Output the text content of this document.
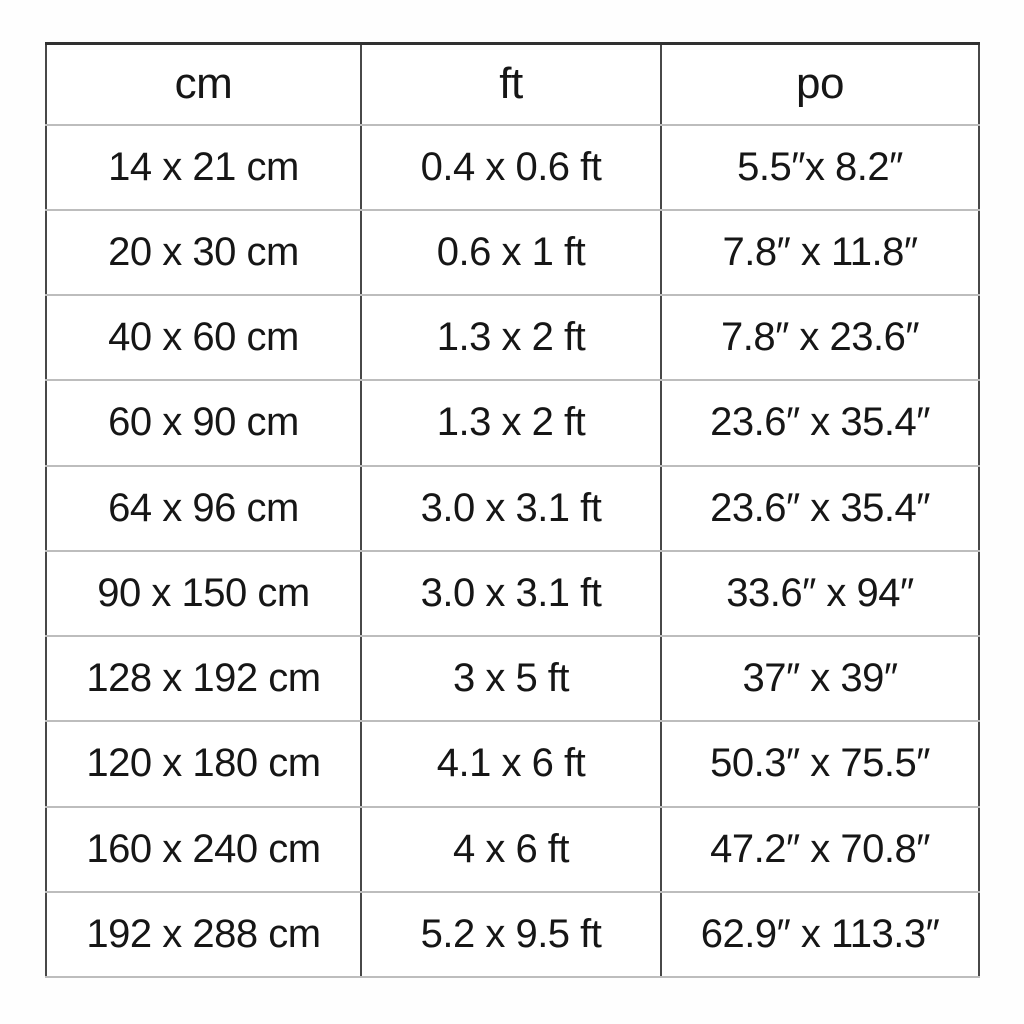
cm	ft	po
14 x 21 cm	0.4 x 0.6 ft	5.5″x 8.2″
20 x 30 cm	0.6 x 1 ft	7.8″ x 11.8″
40 x 60 cm	1.3 x 2 ft	7.8″ x 23.6″
60 x 90 cm	1.3 x 2 ft	23.6″ x 35.4″
64 x 96 cm	3.0 x 3.1 ft	23.6″ x 35.4″
90 x 150 cm	3.0 x 3.1 ft	33.6″ x 94″
128 x 192 cm	3 x 5 ft	37″ x 39″
120 x 180 cm	4.1 x 6 ft	50.3″ x 75.5″
160 x 240 cm	4 x 6 ft	47.2″ x 70.8″
192 x 288 cm	5.2 x 9.5 ft	62.9″ x 113.3″
